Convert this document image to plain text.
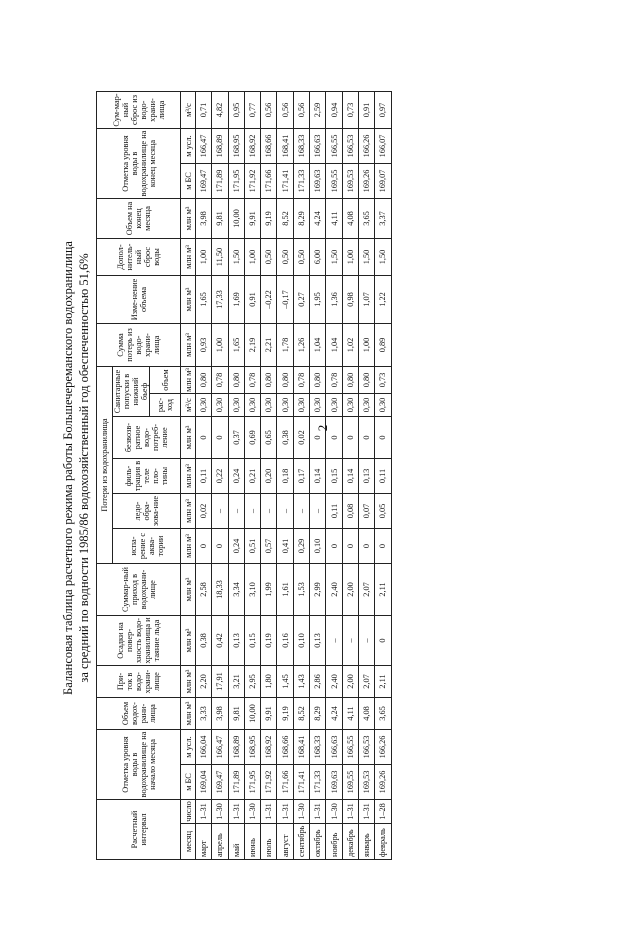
2
Балансовая таблица расчетного режима работы Большечереманского водохранилища за средний по водности 1985/86 водохозяйственный год обеспеченностью 51,6%
Расчетный интервал		Отметка уровня воды в водохранилище на начало месяца		Объем водох-рани-лища	При-ток в водо-храни-лище	Осадки на повер-хность водо-хранилища и таяние льда	Суммар-ный приход в водохрани-лище	Потери из водохранилища						Сумма потерь из водо-храни-лища	Изме-нение объема	Допол-нитель-ный сброс воды	Объем на конец месяца	Отметка уровня воды в водохранилище на конец месяца		Сум-мар-ный сброс из водо-храни-лища
								испа-рение с аква-тории	ледо-обра-зова-ние	филь-трация в теле пло-тины	безвозв-ратное водо-потреб-ление	Санитарные попуски в нижний бьеф								
												рас-ход	объем							
месяц	число	м БС	м усл.	млн м³	млн м³	млн м³	млн м³	млн м³	млн м³	млн м³	млн м³	м³/с	млн м³	млн м³	млн м³	млн м³	млн м³	м БС	м усл.	м³/с
март	1–31	169,04	166,04	3,33	2,20	0,38	2,58	0	0,02	0,11	0	0,30	0,80	0,93	1,65	1,00	3,98	169,47	166,47	0,71
апрель	1–30	169,47	166,47	3,98	17,91	0,42	18,33	0	–	0,22	0	0,30	0,78	1,00	17,33	11,50	9,81	171,89	168,89	4,82
май	1–31	171,89	168,89	9,81	3,21	0,13	3,34	0,24	–	0,24	0,37	0,30	0,80	1,65	1,69	1,50	10,00	171,95	168,95	0,95
июнь	1–30	171,95	168,95	10,00	2,95	0,15	3,10	0,51	–	0,21	0,69	0,30	0,78	2,19	0,91	1,00	9,91	171,92	168,92	0,77
июль	1–31	171,92	168,92	9,91	1,80	0,19	1,99	0,57	–	0,20	0,65	0,30	0,80	2,21	–0,22	0,50	9,19	171,66	168,66	0,56
август	1–31	171,66	168,66	9,19	1,45	0,16	1,61	0,41	–	0,18	0,38	0,30	0,80	1,78	–0,17	0,50	8,52	171,41	168,41	0,56
сентябрь	1–30	171,41	168,41	8,52	1,43	0,10	1,53	0,29	–	0,17	0,02	0,30	0,78	1,26	0,27	0,50	8,29	171,33	168,33	0,56
октябрь	1–31	171,33	168,33	8,29	2,86	0,13	2,99	0,10	–	0,14	0	0,30	0,80	1,04	1,95	6,00	4,24	169,63	166,63	2,59
ноябрь	1–30	169,63	166,63	4,24	2,40	–	2,40	0	0,11	0,15	0	0,30	0,78	1,04	1,36	1,50	4,11	169,55	166,55	0,94
декабрь	1–31	169,55	166,55	4,11	2,00	–	2,00	0	0,08	0,14	0	0,30	0,80	1,02	0,98	1,00	4,08	169,53	166,53	0,73
январь	1–31	169,53	166,53	4,08	2,07	–	2,07	0	0,07	0,13	0	0,30	0,80	1,00	1,07	1,50	3,65	169,26	166,26	0,91
февраль	1–28	169,26	166,26	3,65	2,11	0	2,11	0	0,05	0,11	0	0,30	0,73	0,89	1,22	1,50	3,37	169,07	166,07	0,97
